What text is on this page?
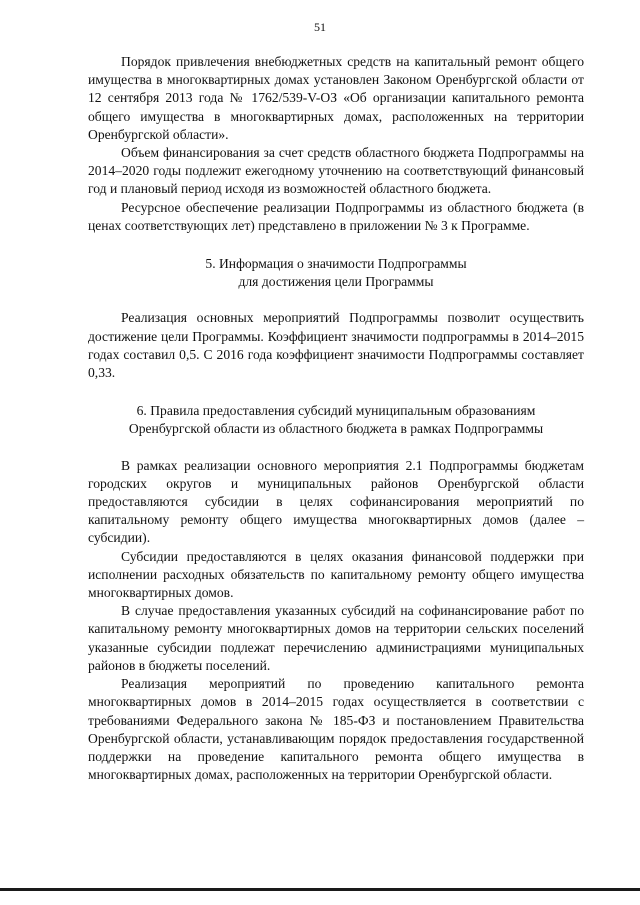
51

Порядок привлечения внебюджетных средств на капитальный ремонт общего имущества в многоквартирных домах установлен Законом Оренбургской области от 12 сентября 2013 года № 1762/539-V-ОЗ «Об организации капитального ремонта общего имущества в многоквартирных домах, расположенных на территории Оренбургской области».

Объем финансирования за счет средств областного бюджета Подпрограммы на 2014–2020 годы подлежит ежегодному уточнению на соответствующий финансовый год и плановый период исходя из возможностей областного бюджета.

Ресурсное обеспечение реализации Подпрограммы из областного бюджета (в ценах соответствующих лет) представлено в приложении № 3 к Программе.

5. Информация о значимости Подпрограммы

для достижения цели Программы

Реализация основных мероприятий Подпрограммы позволит осуществить достижение цели Программы. Коэффициент значимости подпрограммы в 2014–2015 годах составил 0,5. С 2016 года коэффициент значимости Подпрограммы составляет 0,33.

6. Правила предоставления субсидий муниципальным образованиям

Оренбургской области из областного бюджета в рамках Подпрограммы

В рамках реализации основного мероприятия 2.1 Подпрограммы бюджетам городских округов и муниципальных районов Оренбургской области предоставляются субсидии в целях софинансирования мероприятий по капитальному ремонту общего имущества многоквартирных домов (далее – субсидии).

Субсидии предоставляются в целях оказания финансовой поддержки при исполнении расходных обязательств по капитальному ремонту общего имущества многоквартирных домов.

В случае предоставления указанных субсидий на софинансирование работ по капитальному ремонту многоквартирных домов на территории сельских поселений указанные субсидии подлежат перечислению администрациями муниципальных районов в бюджеты поселений.

Реализация мероприятий по проведению капитального ремонта многоквартирных домов в 2014–2015 годах осуществляется в соответствии с требованиями Федерального закона № 185-ФЗ и постановлением Правительства Оренбургской области, устанавливающим порядок предоставления государственной поддержки на проведение капитального ремонта общего имущества в многоквартирных домах, расположенных на территории Оренбургской области.
